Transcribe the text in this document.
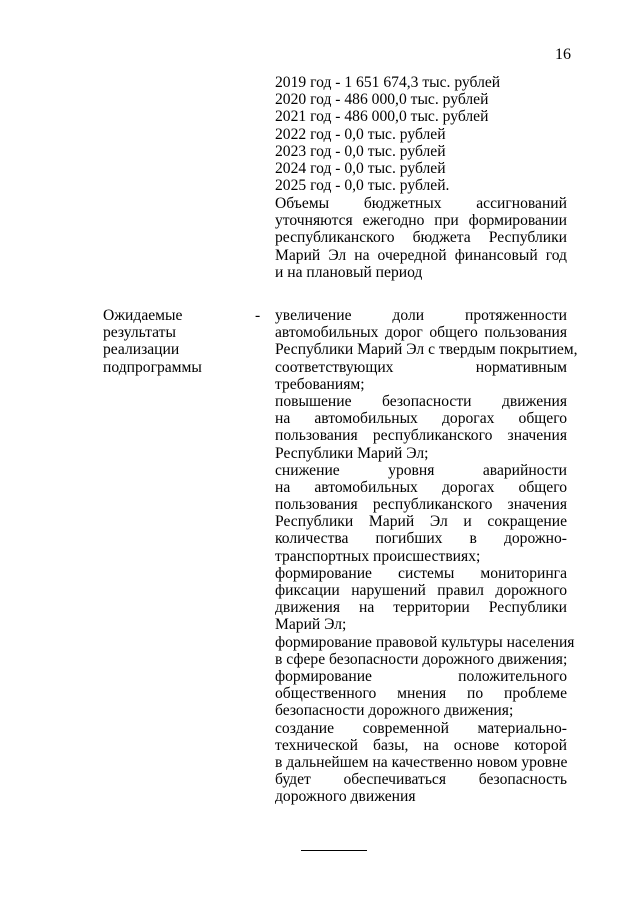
16
2019 год - 1 651 674,3 тыс. рублей
2020 год - 486 000,0 тыс. рублей
2021 год - 486 000,0 тыс. рублей
2022 год - 0,0 тыс. рублей
2023 год - 0,0 тыс. рублей
2024 год - 0,0 тыс. рублей
2025 год - 0,0 тыс. рублей.
Объемы бюджетных ассигнований
уточняются ежегодно при формировании
республиканского бюджета Республики
Марий Эл на очередной финансовый год
и на плановый период
Ожидаемые
результаты
реализации
подпрограммы
- увеличение доли протяженности
автомобильных дорог общего пользования
Республики Марий Эл с твердым покрытием,
соответствующих нормативным
требованиям;
повышение безопасности движения
на автомобильных дорогах общего
пользования республиканского значения
Республики Марий Эл;
снижение уровня аварийности
на автомобильных дорогах общего
пользования республиканского значения
Республики Марий Эл и сокращение
количества погибших в дорожно-
транспортных происшествиях;
формирование системы мониторинга
фиксации нарушений правил дорожного
движения на территории Республики
Марий Эл;
формирование правовой культуры населения
в сфере безопасности дорожного движения;
формирование положительного
общественного мнения по проблеме
безопасности дорожного движения;
создание современной материально-
технической базы, на основе которой
в дальнейшем на качественно новом уровне
будет обеспечиваться безопасность
дорожного движения
